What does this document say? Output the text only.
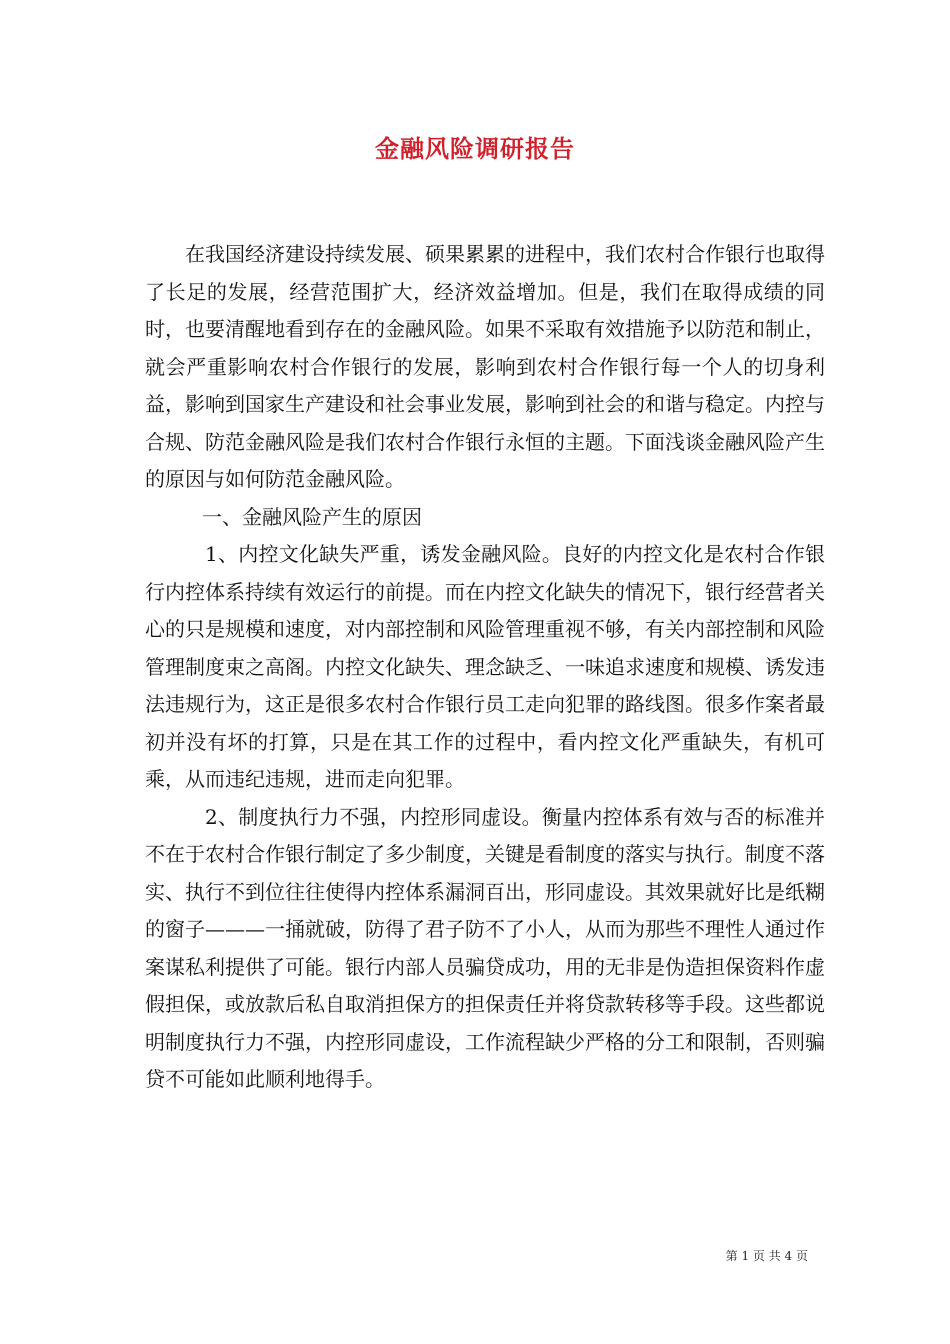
金融风险调研报告

在我国经济建设持续发展、硕果累累的进程中，我们农村合作银行也取得了长足的发展，经营范围扩大，经济效益增加。但是，我们在取得成绩的同时，也要清醒地看到存在的金融风险。如果不采取有效措施予以防范和制止，就会严重影响农村合作银行的发展，影响到农村合作银行每一个人的切身利益，影响到国家生产建设和社会事业发展，影响到社会的和谐与稳定。内控与合规、防范金融风险是我们农村合作银行永恒的主题。下面浅谈金融风险产生的原因与如何防范金融风险。

一、金融风险产生的原因

1、内控文化缺失严重，诱发金融风险。良好的内控文化是农村合作银行内控体系持续有效运行的前提。而在内控文化缺失的情况下，银行经营者关心的只是规模和速度，对内部控制和风险管理重视不够，有关内部控制和风险管理制度束之高阁。内控文化缺失、理念缺乏、一味追求速度和规模、诱发违法违规行为，这正是很多农村合作银行员工走向犯罪的路线图。很多作案者最初并没有坏的打算，只是在其工作的过程中，看内控文化严重缺失，有机可乘，从而违纪违规，进而走向犯罪。

2、制度执行力不强，内控形同虚设。衡量内控体系有效与否的标准并不在于农村合作银行制定了多少制度，关键是看制度的落实与执行。制度不落实、执行不到位往往使得内控体系漏洞百出，形同虚设。其效果就好比是纸糊的窗子———一捅就破，防得了君子防不了小人，从而为那些不理性人通过作案谋私利提供了可能。银行内部人员骗贷成功，用的无非是伪造担保资料作虚假担保，或放款后私自取消担保方的担保责任并将贷款转移等手段。这些都说明制度执行力不强，内控形同虚设，工作流程缺少严格的分工和限制，否则骗贷不可能如此顺利地得手。

第 1 页 共 4 页
